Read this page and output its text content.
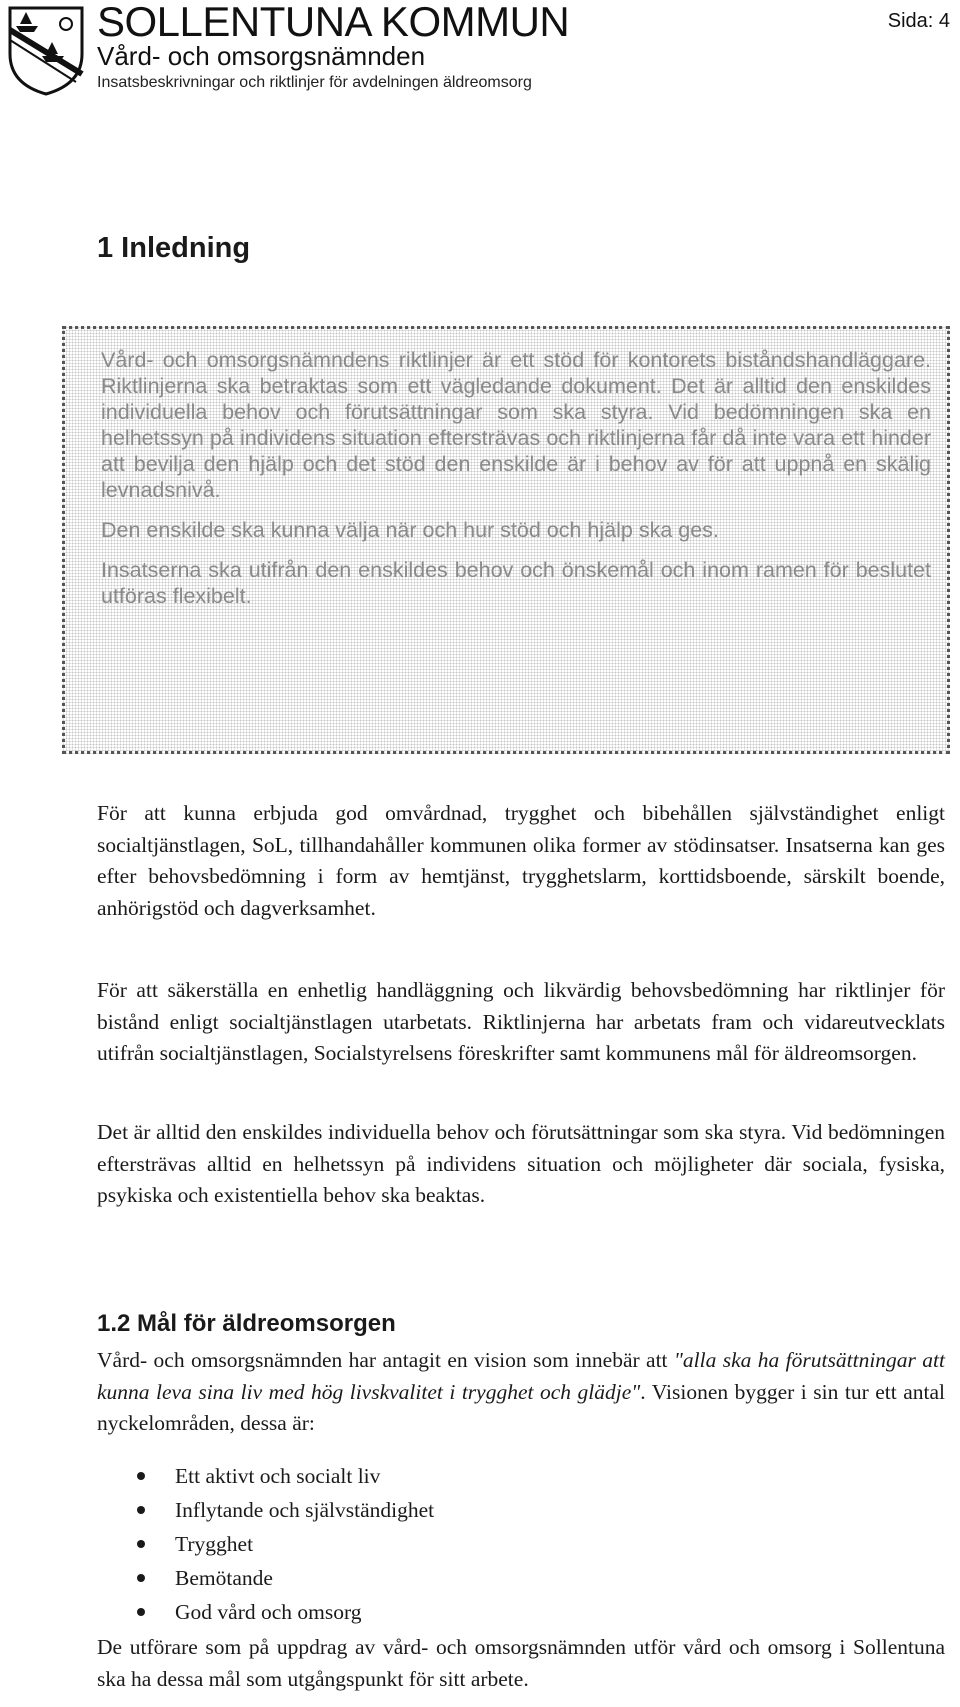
SOLLENTUNA KOMMUN
Vård- och omsorgsnämnden
Insatsbeskrivningar och riktlinjer för avdelningen äldreomsorg
Sida: 4
1 Inledning

Vård- och omsorgsnämndens riktlinjer är ett stöd för kontorets biståndshandläggare. Riktlinjerna ska betraktas som ett vägledande dokument. Det är alltid den enskildes individuella behov och förutsättningar som ska styra. Vid bedömningen ska en helhetssyn på individens situation eftersträvas och riktlinjerna får då inte vara ett hinder att bevilja den hjälp och det stöd den enskilde är i behov av för att uppnå en skälig levnadsnivå.

Den enskilde ska kunna välja när och hur stöd och hjälp ska ges.

Insatserna ska utifrån den enskildes behov och önskemål och inom ramen för beslutet utföras flexibelt.

För att kunna erbjuda god omvårdnad, trygghet och bibehållen självständighet enligt socialtjänstlagen, SoL, tillhandahåller kommunen olika former av stödinsatser. Insatserna kan ges efter behovsbedömning i form av hemtjänst, trygghetslarm, korttidsboende, särskilt boende, anhörigstöd och dagverksamhet.

För att säkerställa en enhetlig handläggning och likvärdig behovsbedömning har riktlinjer för bistånd enligt socialtjänstlagen utarbetats. Riktlinjerna har arbetats fram och vidareutvecklats utifrån socialtjänstlagen, Socialstyrelsens föreskrifter samt kommunens mål för äldreomsorgen.

Det är alltid den enskildes individuella behov och förutsättningar som ska styra. Vid bedömningen eftersträvas alltid en helhetssyn på individens situation och möjligheter där sociala, fysiska, psykiska och existentiella behov ska beaktas.

1.2 Mål för äldreomsorgen

Vård- och omsorgsnämnden har antagit en vision som innebär att "alla ska ha förutsättningar att kunna leva sina liv med hög livskvalitet i trygghet och glädje". Visionen bygger i sin tur ett antal nyckelområden, dessa är:

Ett aktivt och socialt liv
Inflytande och självständighet
Trygghet
Bemötande
God vård och omsorg

De utförare som på uppdrag av vård- och omsorgsnämnden utför vård och omsorg i Sollentuna ska ha dessa mål som utgångspunkt för sitt arbete.
